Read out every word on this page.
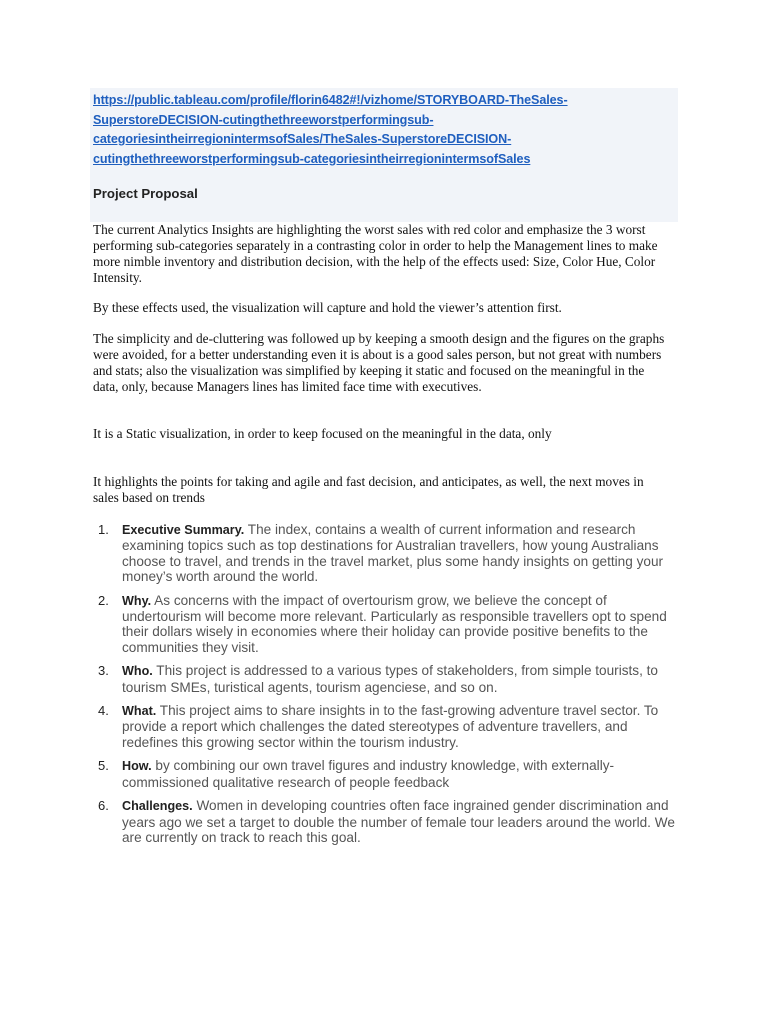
https://public.tableau.com/profile/florin6482#!/vizhome/STORYBOARD-TheSales-
SuperstoreDECISION-cutingthethreeworstperformingsub-
categoriesintheirregionintermsofSales/TheSales-SuperstoreDECISION-
cutingthethreeworstperformingsub-categoriesintheirregionintermsofSales
Project Proposal

The current Analytics Insights are highlighting the worst sales with red color and emphasize the 3 worst performing sub-categories separately in a contrasting color in order to help the Management lines to make more nimble inventory and distribution decision, with the help of the effects used: Size, Color Hue, Color Intensity.

By these effects used, the visualization will capture and hold the viewer’s attention first.

The simplicity and de-cluttering was followed up by keeping a smooth design and the figures on the graphs were avoided, for a better understanding even it is about is a good sales person, but not great with numbers and stats; also the visualization was simplified by keeping it static and focused on the meaningful in the data, only, because Managers lines has limited face time with executives.

It is a Static visualization, in order to keep focused on the meaningful in the data, only

It highlights the points for taking and agile and fast decision, and anticipates, as well, the next moves in sales based on trends

1.	Executive Summary. The index, contains a wealth of current information and research examining topics such as top destinations for Australian travellers, how young Australians choose to travel, and trends in the travel market, plus some handy insights on getting your money’s worth around the world.
2.	Why. As concerns with the impact of overtourism grow, we believe the concept of undertourism will become more relevant. Particularly as responsible travellers opt to spend their dollars wisely in economies where their holiday can provide positive benefits to the communities they visit.
3.	Who. This project is addressed to a various types of stakeholders, from simple tourists, to tourism SMEs, turistical agents, tourism agenciese, and so on.
4.	What. This project aims to share insights in to the fast-growing adventure travel sector. To provide a report which challenges the dated stereotypes of adventure travellers, and redefines this growing sector within the tourism industry.
5.	How. by combining our own travel figures and industry knowledge, with externally-commissioned qualitative research of people feedback
6.	Challenges. Women in developing countries often face ingrained gender discrimination and years ago we set a target to double the number of female tour leaders around the world. We are currently on track to reach this goal.
